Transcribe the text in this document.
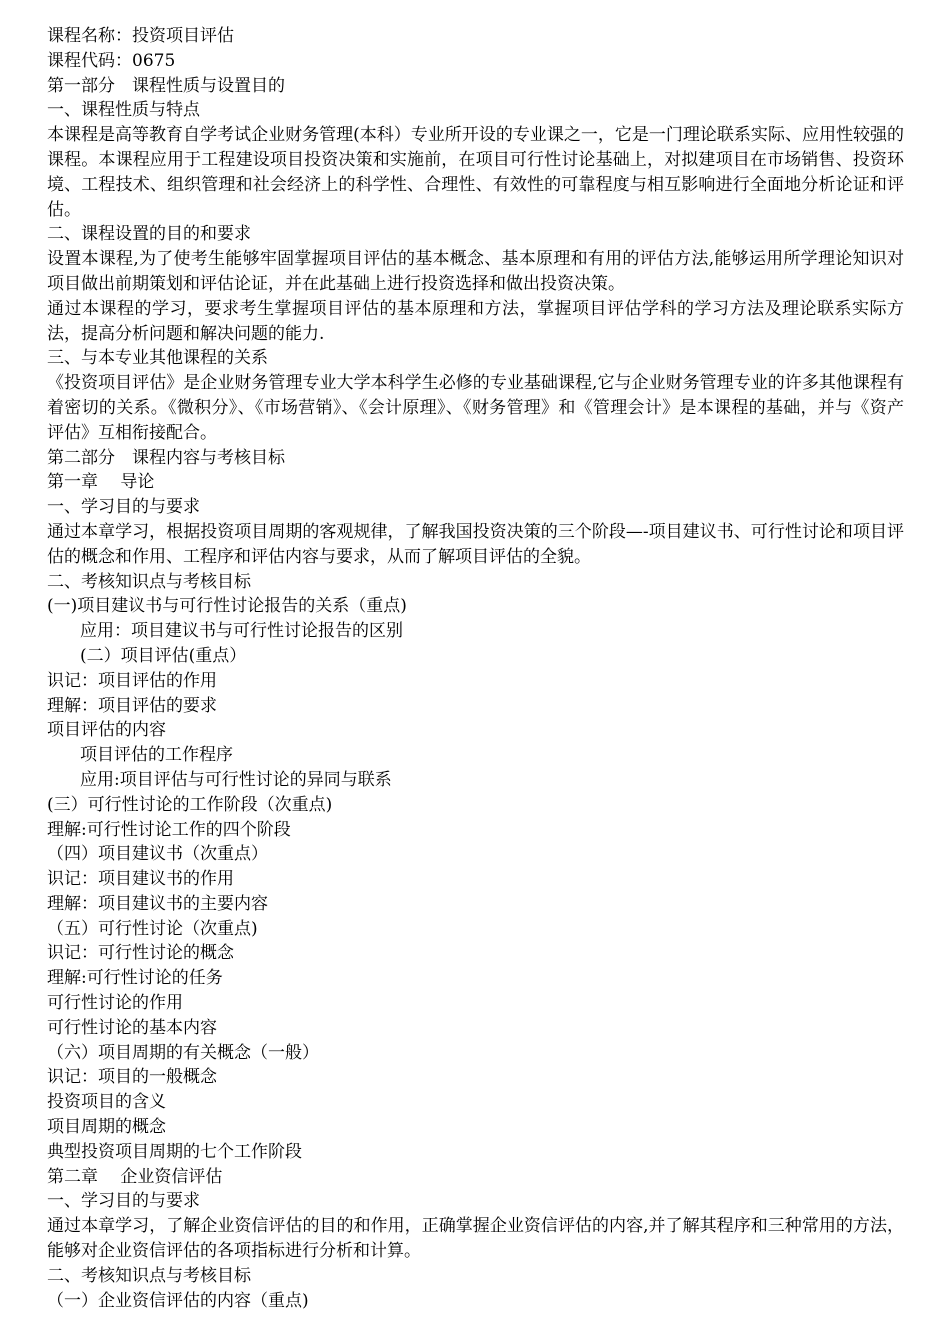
课程名称：投资项目评估
课程代码：0675
第一部分　课程性质与设置目的
一、课程性质与特点
本课程是高等教育自学考试企业财务管理(本科）专业所开设的专业课之一，它是一门理论联系实际、应用性较强的课程。本课程应用于工程建设项目投资决策和实施前，在项目可行性讨论基础上，对拟建项目在市场销售、投资环境、工程技术、组织管理和社会经济上的科学性、合理性、有效性的可靠程度与相互影响进行全面地分析论证和评估。
二、课程设置的目的和要求
设置本课程,为了使考生能够牢固掌握项目评估的基本概念、基本原理和有用的评估方法,能够运用所学理论知识对项目做出前期策划和评估论证，并在此基础上进行投资选择和做出投资决策。
通过本课程的学习，要求考生掌握项目评估的基本原理和方法，掌握项目评估学科的学习方法及理论联系实际方法，提高分析问题和解决问题的能力.
三、与本专业其他课程的关系
《投资项目评估》是企业财务管理专业大学本科学生必修的专业基础课程,它与企业财务管理专业的许多其他课程有着密切的关系。《微积分》、《市场营销》、《会计原理》、《财务管理》和《管理会计》是本课程的基础，并与《资产评估》互相衔接配合。
第二部分　课程内容与考核目标
第一章　 导论
一、学习目的与要求
通过本章学习，根据投资项目周期的客观规律，了解我国投资决策的三个阶段—-项目建议书、可行性讨论和项目评估的概念和作用、工程序和评估内容与要求，从而了解项目评估的全貌。
二、考核知识点与考核目标
(一)项目建议书与可行性讨论报告的关系（重点)
应用：项目建议书与可行性讨论报告的区别
(二）项目评估(重点）
识记：项目评估的作用
理解：项目评估的要求
项目评估的内容
项目评估的工作程序
应用:项目评估与可行性讨论的异同与联系
(三）可行性讨论的工作阶段（次重点)
理解:可行性讨论工作的四个阶段
（四）项目建议书（次重点）
识记：项目建议书的作用
理解：项目建议书的主要内容
（五）可行性讨论（次重点)
识记：可行性讨论的概念
理解:可行性讨论的任务
可行性讨论的作用
可行性讨论的基本内容
（六）项目周期的有关概念（一般）
识记：项目的一般概念
投资项目的含义
项目周期的概念
典型投资项目周期的七个工作阶段
第二章　 企业资信评估
一、学习目的与要求
通过本章学习，了解企业资信评估的目的和作用，正确掌握企业资信评估的内容,并了解其程序和三种常用的方法，能够对企业资信评估的各项指标进行分析和计算。
二、考核知识点与考核目标
（一）企业资信评估的内容（重点)
